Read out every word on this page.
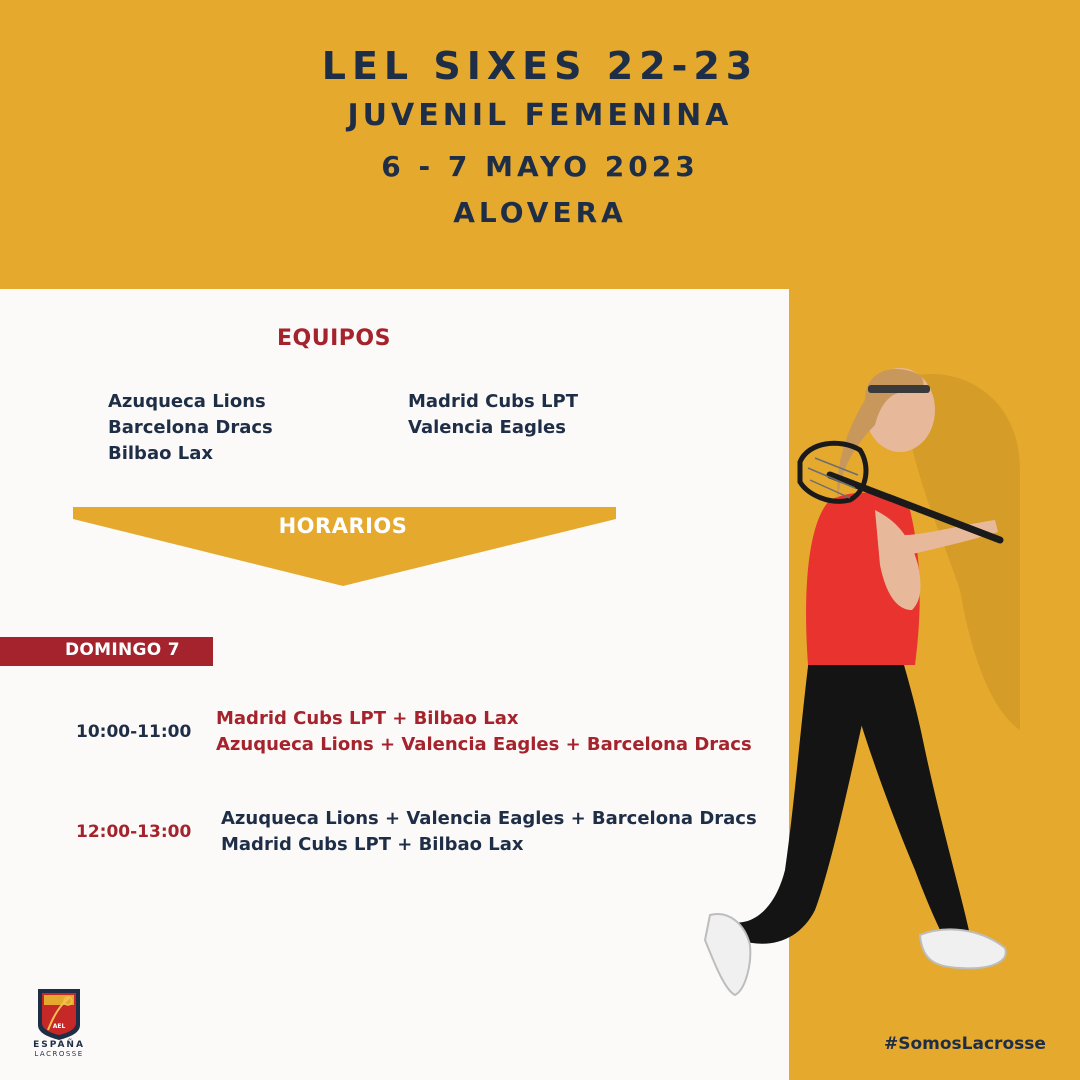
LEL SIXES 22-23
JUVENIL FEMENINA
6 - 7 MAYO 2023
ALOVERA
EQUIPOS
Azuqueca Lions
Barcelona Dracs
Bilbao Lax
Madrid Cubs LPT
Valencia Eagles
HORARIOS
DOMINGO 7
10:00-11:00
Madrid Cubs LPT + Bilbao Lax
Azuqueca Lions + Valencia Eagles + Barcelona Dracs
12:00-13:00
Azuqueca Lions + Valencia Eagles + Barcelona Dracs
Madrid Cubs LPT + Bilbao Lax
AEL
ESPAÑA
LACROSSE	#SomosLacrosse
